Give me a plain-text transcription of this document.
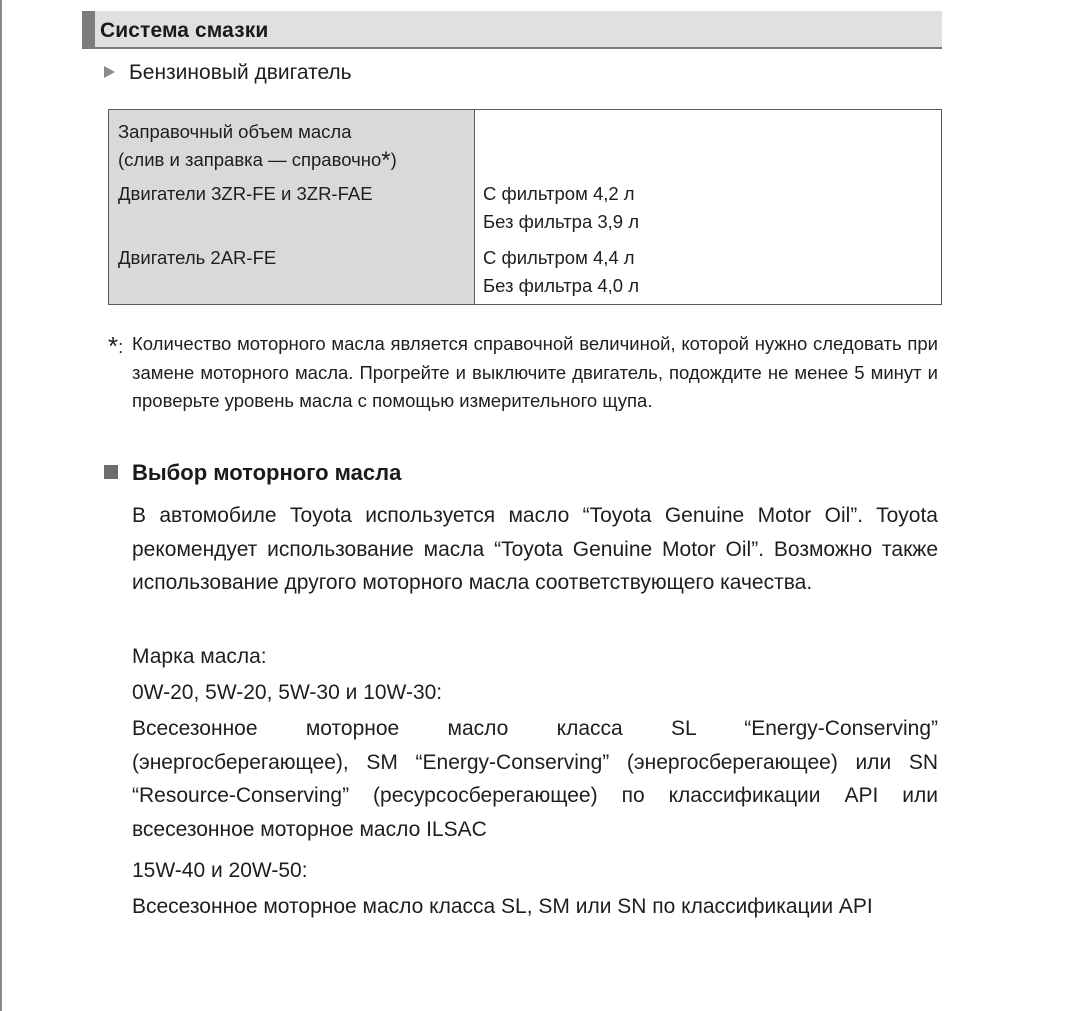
Система смазки
Бензиновый двигатель
Заправочный объем масла
(слив и заправка — справочно*)	

Двигатели 3ZR-FE и 3ZR-FAE	С фильтром 4,2 л
Без фильтра 3,9 л

Двигатель 2AR-FE	С фильтром 4,4 л
Без фильтра 4,0 л
*: Количество моторного масла является справочной величиной, которой нужно следовать при замене моторного масла. Прогрейте и выключите двигатель, подождите не менее 5 минут и проверьте уровень масла с помощью измерительного щупа.
Выбор моторного масла
В автомобиле Toyota используется масло “Toyota Genuine Motor Oil”. Toyota рекомендует использование масла “Toyota Genuine Motor Oil”. Возможно также использование другого моторного масла соответствующего качества.
Марка масла:
0W-20, 5W-20, 5W-30 и 10W-30:
Всесезонное моторное масло класса SL “Energy-Conserving” (энергосберегающее), SM “Energy-Conserving” (энергосберегающее) или SN “Resource-Conserving” (ресурсосберегающее) по классификации API или всесезонное моторное масло ILSAC
15W-40 и 20W-50:
Всесезонное моторное масло класса SL, SM или SN по классификации API
